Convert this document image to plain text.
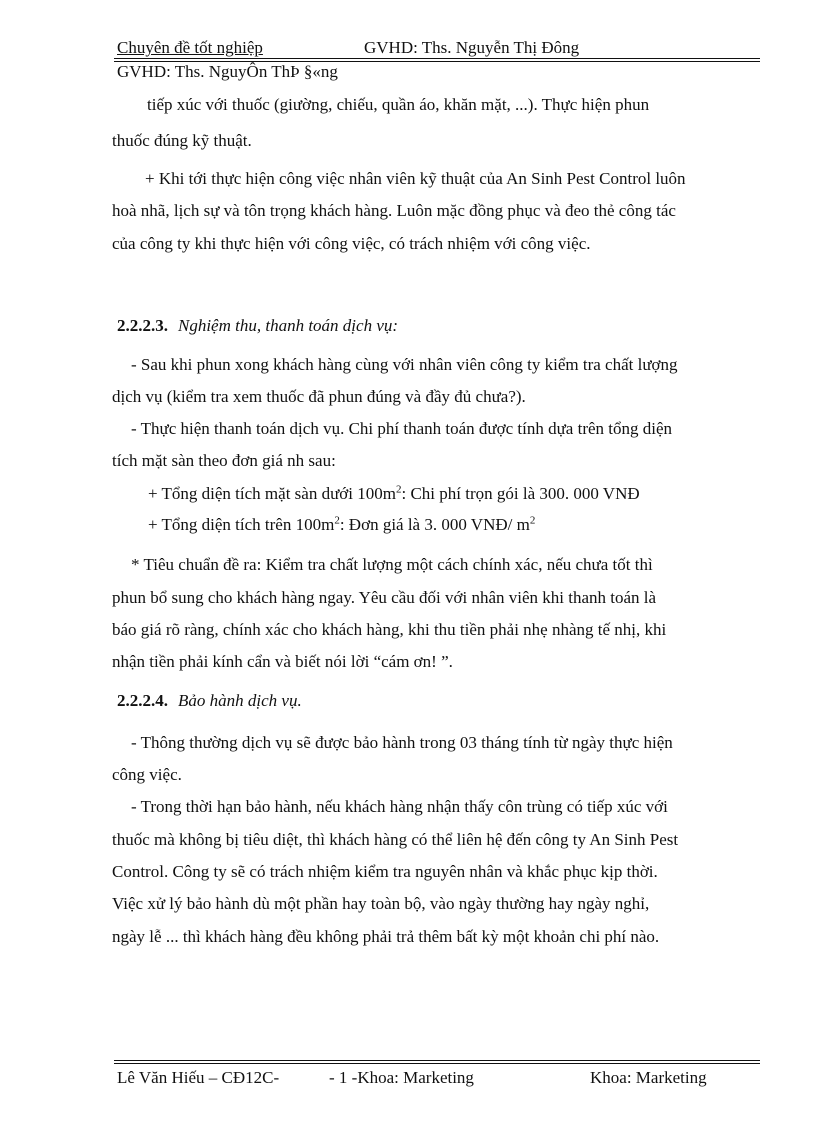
Chuyên đề tốt nghiệp	GVHD: Ths. Nguyễn Thị Đông
GVHD: Ths. NguyÔn ThÞ §«ng
tiếp xúc với thuốc (giường, chiếu, quần áo, khăn mặt, ...). Thực hiện phun
thuốc đúng kỹ thuật.
+ Khi tới thực hiện công việc nhân viên kỹ thuật của An Sinh Pest Control luôn
hoà nhã, lịch sự và tôn trọng khách hàng. Luôn mặc đồng phục và đeo thẻ công tác
của công ty khi thực hiện với công việc, có trách nhiệm với công việc.
2.2.2.3. Nghiệm thu, thanh toán dịch vụ:
- Sau khi phun xong khách hàng cùng với nhân viên công ty kiểm tra chất lượng
dịch vụ (kiểm tra xem thuốc đã phun đúng và đầy đủ chưa?).
- Thực hiện thanh toán dịch vụ. Chi phí thanh toán được tính dựa trên tổng diện
tích mặt sàn theo đơn giá nh sau:
+ Tổng diện tích mặt sàn dưới $100m^2$: Chi phí trọn gói là 300. 000 VNĐ
+ Tổng diện tích trên $100m^2$: Đơn giá là 3. 000 VNĐ/ $m^2$
* Tiêu chuẩn đề ra: Kiểm tra chất lượng một cách chính xác, nếu chưa tốt thì
phun bổ sung cho khách hàng ngay. Yêu cầu đối với nhân viên khi thanh toán là
báo giá rõ ràng, chính xác cho khách hàng, khi thu tiền phải nhẹ nhàng tế nhị, khi
nhận tiền phải kính cẩn và biết nói lời “cám ơn! ”.
2.2.2.4. Bảo hành dịch vụ.
- Thông thường dịch vụ sẽ được bảo hành trong 03 tháng tính từ ngày thực hiện
công việc.
- Trong thời hạn bảo hành, nếu khách hàng nhận thấy côn trùng có tiếp xúc với
thuốc mà không bị tiêu diệt, thì khách hàng có thể liên hệ đến công ty An Sinh Pest
Control. Công ty sẽ có trách nhiệm kiểm tra nguyên nhân và khắc phục kịp thời.
Việc xử lý bảo hành dù một phần hay toàn bộ, vào ngày thường hay ngày nghỉ,
ngày lễ ... thì khách hàng đều không phải trả thêm bất kỳ một khoản chi phí nào.
Lê Văn Hiếu – CĐ12C-	- 1 -Khoa: Marketing	Khoa: Marketing
